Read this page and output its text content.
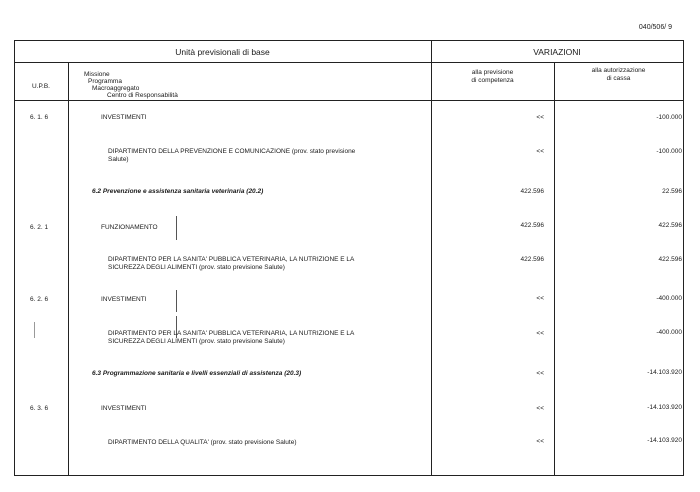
040/506/ 9
Unità previsionali di base	VARIAZIONI
U.P.B.
Missione
Programma
Macroaggregato
Centro di Responsabilità
alla previsione
di competenza
alla autorizzazione
di cassa
6. 1. 6	INVESTIMENTI	<<	-100.000
DIPARTIMENTO DELLA PREVENZIONE E COMUNICAZIONE (prov. stato previsione
Salute)
<<	-100.000
6.2 Prevenzione e assistenza sanitaria veterinaria (20.2)	422.596	22.596
6. 2. 1	FUNZIONAMENTO	422.596	422.596
DIPARTIMENTO PER LA SANITA' PUBBLICA VETERINARIA, LA NUTRIZIONE E LA
SICUREZZA DEGLI ALIMENTI (prov. stato previsione Salute)
422.596	422.596
6. 2. 6	INVESTIMENTI	<<	-400.000
DIPARTIMENTO PER LA SANITA' PUBBLICA VETERINARIA, LA NUTRIZIONE E LA
SICUREZZA DEGLI ALIMENTI (prov. stato previsione Salute)
<<	-400.000
6.3 Programmazione sanitaria e livelli essenziali di assistenza (20.3)	<<	-14.103.920
6. 3. 6	INVESTIMENTI	<<	-14.103.920
DIPARTIMENTO DELLA QUALITA' (prov. stato previsione Salute)	<<	-14.103.920
